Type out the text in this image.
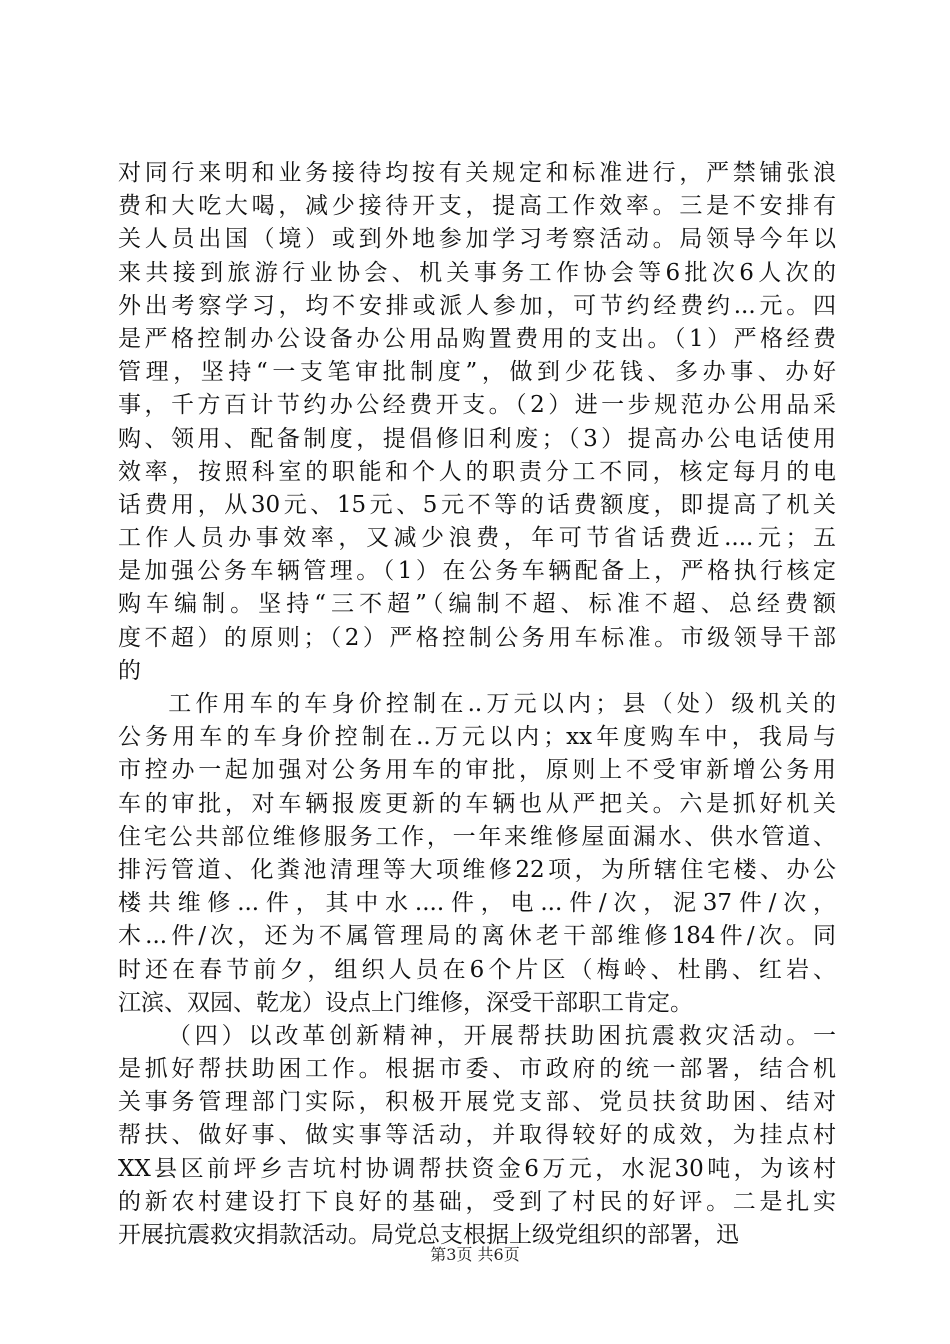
对同行来明和业务接待均按有关规定和标准进行，严禁铺张浪
费和大吃大喝，减少接待开支，提高工作效率。三是不安排有
关人员出国（境）或到外地参加学习考察活动。局领导今年以
来共接到旅游行业协会、机关事务工作协会等6批次6人次的
外出考察学习，均不安排或派人参加，可节约经费约...元。四
是严格控制办公设备办公用品购置费用的支出。（1）严格经费
管理，坚持“一支笔审批制度”，做到少花钱、多办事、办好
事，千方百计节约办公经费开支。（2）进一步规范办公用品采
购、领用、配备制度，提倡修旧利废；（3）提高办公电话使用
效率，按照科室的职能和个人的职责分工不同，核定每月的电
话费用，从30元、15元、5元不等的话费额度，即提高了机关
工作人员办事效率，又减少浪费，年可节省话费近....元；五
是加强公务车辆管理。（1）在公务车辆配备上，严格执行核定
购车编制。坚持“三不超”（编制不超、标准不超、总经费额
度不超）的原则；（2）严格控制公务用车标准。市级领导干部
的
工作用车的车身价控制在..万元以内；县（处）级机关的
公务用车的车身价控制在..万元以内；xx年度购车中，我局与
市控办一起加强对公务用车的审批，原则上不受审新增公务用
车的审批，对车辆报废更新的车辆也从严把关。六是抓好机关
住宅公共部位维修服务工作，一年来维修屋面漏水、供水管道、
排污管道、化粪池清理等大项维修22项，为所辖住宅楼、办公
楼共维修...件，其中水....件，电...件/次，泥37件/次，
木...件/次，还为不属管理局的离休老干部维修184件/次。同
时还在春节前夕，组织人员在6个片区（梅岭、杜鹃、红岩、
江滨、双园、乾龙）设点上门维修，深受干部职工肯定。
（四）以改革创新精神，开展帮扶助困抗震救灾活动。一
是抓好帮扶助困工作。根据市委、市政府的统一部署，结合机
关事务管理部门实际，积极开展党支部、党员扶贫助困、结对
帮扶、做好事、做实事等活动，并取得较好的成效，为挂点村
XX县区前坪乡吉坑村协调帮扶资金6万元，水泥30吨，为该村
的新农村建设打下良好的基础，受到了村民的好评。二是扎实
开展抗震救灾捐款活动。局党总支根据上级党组织的部署，迅
第3页 共6页
